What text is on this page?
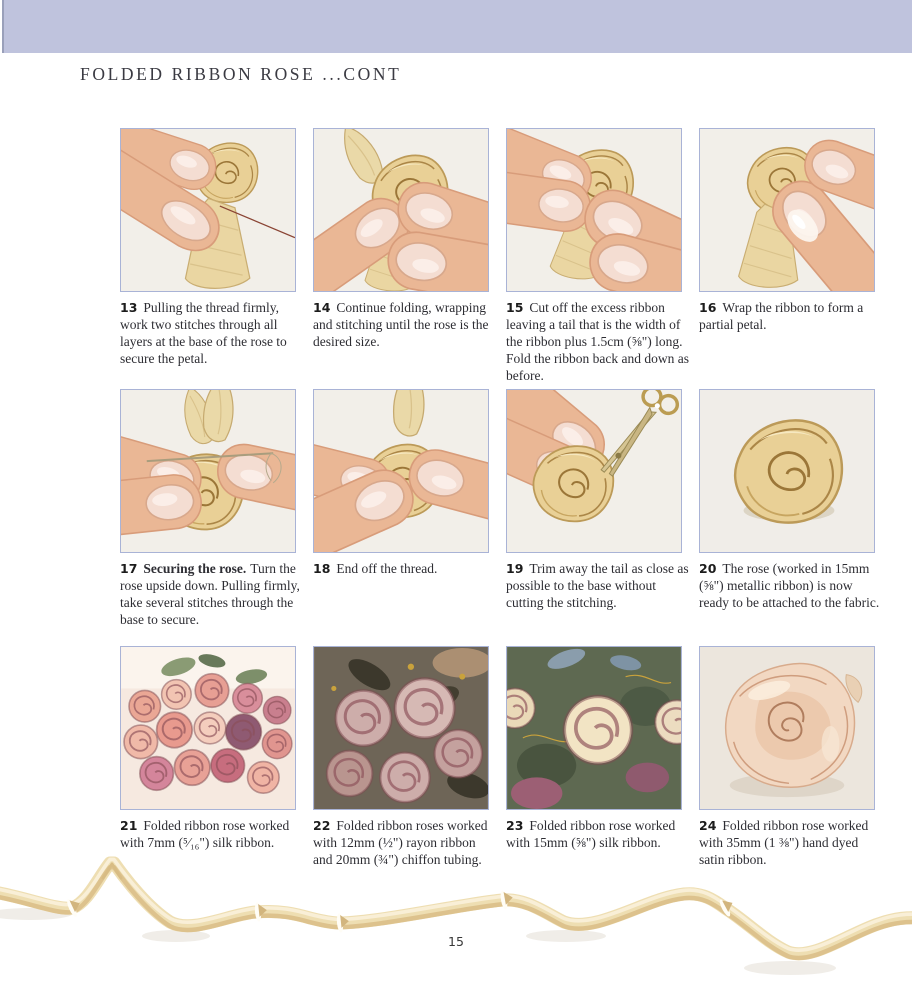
FOLDED RIBBON ROSE ...CONT
13 Pulling the thread firmly, work two stitches through all layers at the base of the rose to secure the petal.
14 Continue folding, wrapping and stitching until the rose is the desired size.
15 Cut off the excess ribbon leaving a tail that is the width of the ribbon plus 1.5cm (⅝") long. Fold the ribbon back and down as before.
16 Wrap the ribbon to form a partial petal.
17 Securing the rose. Turn the rose upside down. Pulling firmly, take several stitches through the base to secure.
18 End off the thread.	19 Trim away the tail as close as possible to the base without cutting the stitching.
20 The rose (worked in 15mm (⅝") metallic ribbon) is now ready to be attached to the fabric.
21 Folded ribbon rose worked with 7mm (⁵⁄₁₆") silk ribbon.
22 Folded ribbon roses worked with 12mm (½") rayon ribbon and 20mm (¾") chiffon tubing.
23 Folded ribbon rose worked with 15mm (⅝") silk ribbon.
24 Folded ribbon rose worked with 35mm (1 ⅜") hand dyed satin ribbon.
15
